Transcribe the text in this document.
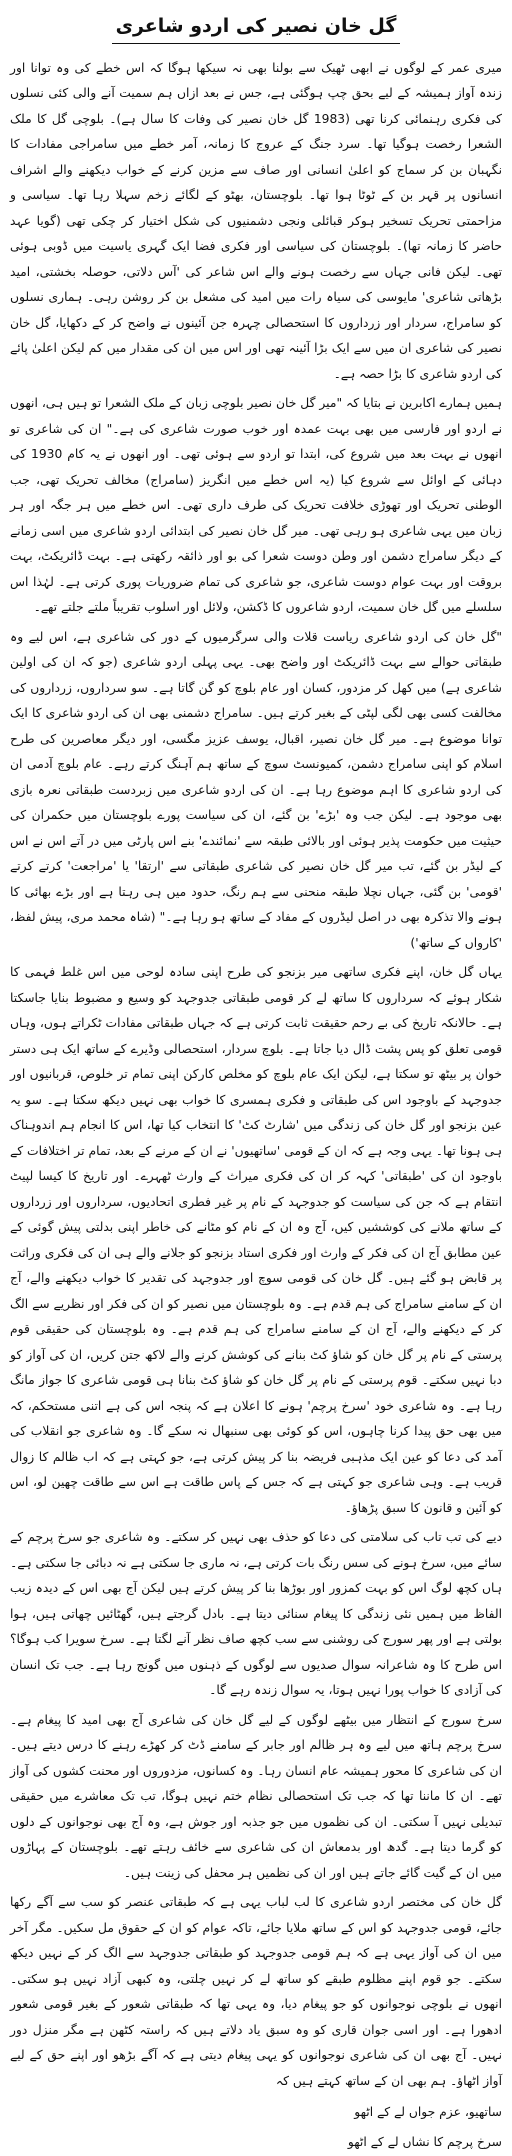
گل خان نصیر کی اردو شاعری

میری عمر کے لوگوں نے ابھی ٹھیک سے بولنا بھی نہ سیکھا ہوگا کہ اس خطے کی وہ توانا اور زندہ آواز ہمیشہ کے لیے بحق چپ ہوگئی ہے، جس نے بعد ازاں ہم سمیت آنے والی کئی نسلوں کی فکری رہنمائی کرنا تھی (1983 گل خان نصیر کی وفات کا سال ہے)۔ بلوچی گل کا ملک الشعرا رخصت ہوگیا تھا۔ سرد جنگ کے عروج کا زمانہ، آمر خطے میں سامراجی مفادات کا نگہبان بن کر سماج کو اعلیٰ انسانی اور صاف سے مزین کرنے کے خواب دیکھنے والے اشراف انسانوں پر قہر بن کے ٹوٹا ہوا تھا۔ بلوچستان، بھٹو کے لگائے زخم سہلا رہا تھا۔ سیاسی و مزاحمتی تحریک تسخیر ہوکر قبائلی ونجی دشمنیوں کی شکل اختیار کر چکی تھی (گویا عہد حاضر کا زمانہ تھا)۔ بلوچستان کی سیاسی اور فکری فضا ایک گہری یاسیت میں ڈوبی ہوئی تھی۔ لیکن فانی جہاں سے رخصت ہونے والے اس شاعر کی 'آس دلاتی، حوصلہ بخشتی، امید بڑھاتی شاعری' مایوسی کی سیاہ رات میں امید کی مشعل بن کر روشن رہی۔ ہماری نسلوں کو سامراج، سردار اور زرداروں کا استحصالی چہرہ جن آئینوں نے واضح کر کے دکھایا، گل خان نصیر کی شاعری ان میں سے ایک بڑا آئینہ تھی اور اس میں ان کی مقدار میں کم لیکن اعلیٰ پائے کی اردو شاعری کا بڑا حصہ ہے۔

ہمیں ہمارے اکابرین نے بتایا کہ "میر گل خان نصیر بلوچی زبان کے ملک الشعرا تو ہیں ہی، انھوں نے اردو اور فارسی میں بھی بہت عمدہ اور خوب صورت شاعری کی ہے۔" ان کی شاعری تو انھوں نے بہت بعد میں شروع کی، ابتدا تو اردو سے ہوئی تھی۔ اور انھوں نے یہ کام 1930 کی دہائی کے اوائل سے شروع کیا (یہ اس خطے میں انگریز (سامراج) مخالف تحریک تھی، جب الوطنی تحریک اور تھوڑی خلافت تحریک کی طرف داری تھی۔ اس خطے میں ہر جگہ اور ہر زبان میں یہی شاعری ہو رہی تھی۔ میر گل خان نصیر کی ابتدائی اردو شاعری میں اسی زمانے کے دیگر سامراج دشمن اور وطن دوست شعرا کی بو اور ذائقہ رکھتی ہے۔ بہت ڈائریکٹ، بہت بروقت اور بہت عوام دوست شاعری، جو شاعری کی تمام ضروریات پوری کرتی ہے۔ لہٰذا اس سلسلے میں گل خان سمیت، اردو شاعروں کا ڈکشن، ولائل اور اسلوب تقریباً ملتے جلتے تھے۔

"گل خان کی اردو شاعری ریاست قلات والی سرگرمیوں کے دور کی شاعری ہے، اس لیے وہ طبقاتی حوالے سے بہت ڈائریکٹ اور واضح بھی۔ یہی پہلی اردو شاعری (جو کہ ان کی اولین شاعری ہے) میں کھل کر مزدور، کسان اور عام بلوچ کو گن گاتا ہے۔ سو سرداروں، زرداروں کی مخالفت کسی بھی لگی لپٹی کے بغیر کرتے ہیں۔ سامراج دشمنی بھی ان کی اردو شاعری کا ایک توانا موضوع ہے۔ میر گل خان نصیر، اقبال، یوسف عزیز مگسی، اور دیگر معاصرین کی طرح اسلام کو اپنی سامراج دشمن، کمیونسٹ سوچ کے ساتھ ہم آہنگ کرتے رہے۔ عام بلوچ آدمی ان کی اردو شاعری کا اہم موضوع رہا ہے۔ ان کی اردو شاعری میں زبردست طبقاتی نعرہ بازی بھی موجود ہے۔ لیکن جب وہ 'بڑے' بن گئے، ان کی سیاست پورے بلوچستان میں حکمران کی حیثیت میں حکومت پذیر ہوئی اور بالائی طبقہ سے 'نمائندے' بنے اس پارٹی میں در آتے اس نے اس کے لیڈر بن گئے، تب میر گل خان نصیر کی شاعری طبقاتی سے 'ارتقا' یا 'مراجعت' کرتے کرتے 'قومی' بن گئی، جہاں نچلا طبقہ منحنی سے ہم رنگ، حدود میں ہی رہتا ہے اور بڑے بھائی کا ہونے والا تذکرہ بھی در اصل لیڈروں کے مفاد کے ساتھ ہو رہا ہے۔" (شاہ محمد مری، پیش لفظ، 'کارواں کے ساتھ')

یہاں گل خان، اپنے فکری ساتھی میر بزنجو کی طرح اپنی سادہ لوحی میں اس غلط فہمی کا شکار ہوئے کہ سرداروں کا ساتھ لے کر قومی طبقاتی جدوجہد کو وسیع و مضبوط بنایا جاسکتا ہے۔ حالانکہ تاریخ کی بے رحم حقیقت ثابت کرتی ہے کہ جہاں طبقاتی مفادات ٹکراتے ہوں، وہاں قومی تعلق کو پس پشت ڈال دیا جاتا ہے۔ بلوچ سردار، استحصالی وڈیرے کے ساتھ ایک ہی دستر خوان پر بیٹھ تو سکتا ہے، لیکن ایک عام بلوچ کو مخلص کارکن اپنی تمام تر خلوص، قربانیوں اور جدوجہد کے باوجود اس کی طبقاتی و فکری ہمسری کا خواب بھی نہیں دیکھ سکتا ہے۔ سو یہ عین بزنجو اور گل خان کی زندگی میں 'شارٹ کٹ' کا انتخاب کیا تھا، اس کا انجام ہم اندوہناک ہی ہونا تھا۔ یہی وجہ ہے کہ ان کے قومی 'ساتھیوں' نے ان کے مرنے کے بعد، تمام تر اختلافات کے باوجود ان کی 'طبقاتی' کہہ کر ان کی فکری میراث کے وارث ٹھہرے۔ اور تاریخ کا کیسا لپیٹ انتقام ہے کہ جن کی سیاست کو جدوجہد کے نام پر غیر فطری اتحادیوں، سرداروں اور زرداروں کے ساتھ ملانے کی کوششیں کیں، آج وہ ان کے نام کو مٹانے کی خاطر اپنی بدلتی پیش گوئی کے عین مطابق آج ان کی فکر کے وارث اور فکری استاد بزنجو کو جلانے والے ہی ان کی فکری وراثت پر قابض ہو گئے ہیں۔ گل خان کی قومی سوچ اور جدوجہد کی تقدیر کا خواب دیکھنے والے، آج ان کے سامنے سامراج کی ہم قدم ہے۔ وہ بلوچستان میں نصیر کو ان کی فکر اور نظریے سے الگ کر کے دیکھنے والے، آج ان کے سامنے سامراج کی ہم قدم ہے۔ وہ بلوچستان کی حقیقی قوم پرستی کے نام پر گل خان کو شاؤ کٹ بنانے کی کوشش کرنے والے لاکھ جتن کریں، ان کی آواز کو دبا نہیں سکتے۔ قوم پرستی کے نام پر گل خان کو شاؤ کٹ بنانا ہی قومی شاعری کا جواز مانگ رہا ہے۔ وہ شاعری خود 'سرخ پرچم' ہونے کا اعلان ہے کہ پنجہ اس کی ہے اتنی مستحکم، کہ میں بھی حق پیدا کرنا چاہوں، اس کو کوئی بھی سنبھال نہ سکے گا۔ وہ شاعری جو انقلاب کی آمد کی دعا کو عین ایک مذہبی فریضہ بنا کر پیش کرتی ہے، جو کہتی ہے کہ اب ظالم کا زوال قریب ہے۔ وہی شاعری جو کہتی ہے کہ جس کے پاس طاقت ہے اس سے طاقت چھین لو، اس کو آئین و قانون کا سبق پڑھاؤ۔

دیے کی تب تاب کی سلامتی کی دعا کو حذف بھی نہیں کر سکتے۔ وہ شاعری جو سرخ پرچم کے سائے میں، سرخ ہونے کی سس رنگ بات کرتی ہے، نہ ماری جا سکتی ہے نہ دبائی جا سکتی ہے۔ ہاں کچھ لوگ اس کو بہت کمزور اور بوڑھا بنا کر پیش کرتے ہیں لیکن آج بھی اس کے دیدہ زیب الفاظ میں ہمیں نئی زندگی کا پیغام سنائی دیتا ہے۔ بادل گرجتے ہیں، گھٹائیں چھاتی ہیں، ہوا بولتی ہے اور پھر سورج کی روشنی سے سب کچھ صاف نظر آنے لگتا ہے۔ سرخ سویرا کب ہوگا؟ اس طرح کا وہ شاعرانہ سوال صدیوں سے لوگوں کے ذہنوں میں گونج رہا ہے۔ جب تک انسان کی آزادی کا خواب پورا نہیں ہوتا، یہ سوال زندہ رہے گا۔

سرخ سورج کے انتظار میں بیٹھے لوگوں کے لیے گل خان کی شاعری آج بھی امید کا پیغام ہے۔ سرخ پرچم ہاتھ میں لیے وہ ہر ظالم اور جابر کے سامنے ڈٹ کر کھڑے رہنے کا درس دیتے ہیں۔ ان کی شاعری کا محور ہمیشہ عام انسان رہا۔ وہ کسانوں، مزدوروں اور محنت کشوں کی آواز تھے۔ ان کا ماننا تھا کہ جب تک استحصالی نظام ختم نہیں ہوگا، تب تک معاشرے میں حقیقی تبدیلی نہیں آ سکتی۔ ان کی نظموں میں جو جذبہ اور جوش ہے، وہ آج بھی نوجوانوں کے دلوں کو گرما دیتا ہے۔ گدھ اور بدمعاش ان کی شاعری سے خائف رہتے تھے۔ بلوچستان کے پہاڑوں میں ان کے گیت گائے جاتے ہیں اور ان کی نظمیں ہر محفل کی زینت ہیں۔

گل خان کی مختصر اردو شاعری کا لب لباب یہی ہے کہ طبقاتی عنصر کو سب سے آگے رکھا جائے، قومی جدوجہد کو اس کے ساتھ ملایا جائے، تاکہ عوام کو ان کے حقوق مل سکیں۔ مگر آخر میں ان کی آواز یہی ہے کہ ہم قومی جدوجہد کو طبقاتی جدوجہد سے الگ کر کے نہیں دیکھ سکتے۔ جو قوم اپنے مظلوم طبقے کو ساتھ لے کر نہیں چلتی، وہ کبھی آزاد نہیں ہو سکتی۔ انھوں نے بلوچی نوجوانوں کو جو پیغام دیا، وہ یہی تھا کہ طبقاتی شعور کے بغیر قومی شعور ادھورا ہے۔ اور اسی جوان قاری کو وہ سبق یاد دلاتے ہیں کہ راستہ کٹھن ہے مگر منزل دور نہیں۔ آج بھی ان کی شاعری نوجوانوں کو یہی پیغام دیتی ہے کہ آگے بڑھو اور اپنے حق کے لیے آواز اٹھاؤ۔ ہم بھی ان کے ساتھ کہتے ہیں کہ

ساتھیو، عزم جواں لے کے اٹھو

سرخ پرچم کا نشاں لے کے اٹھو
